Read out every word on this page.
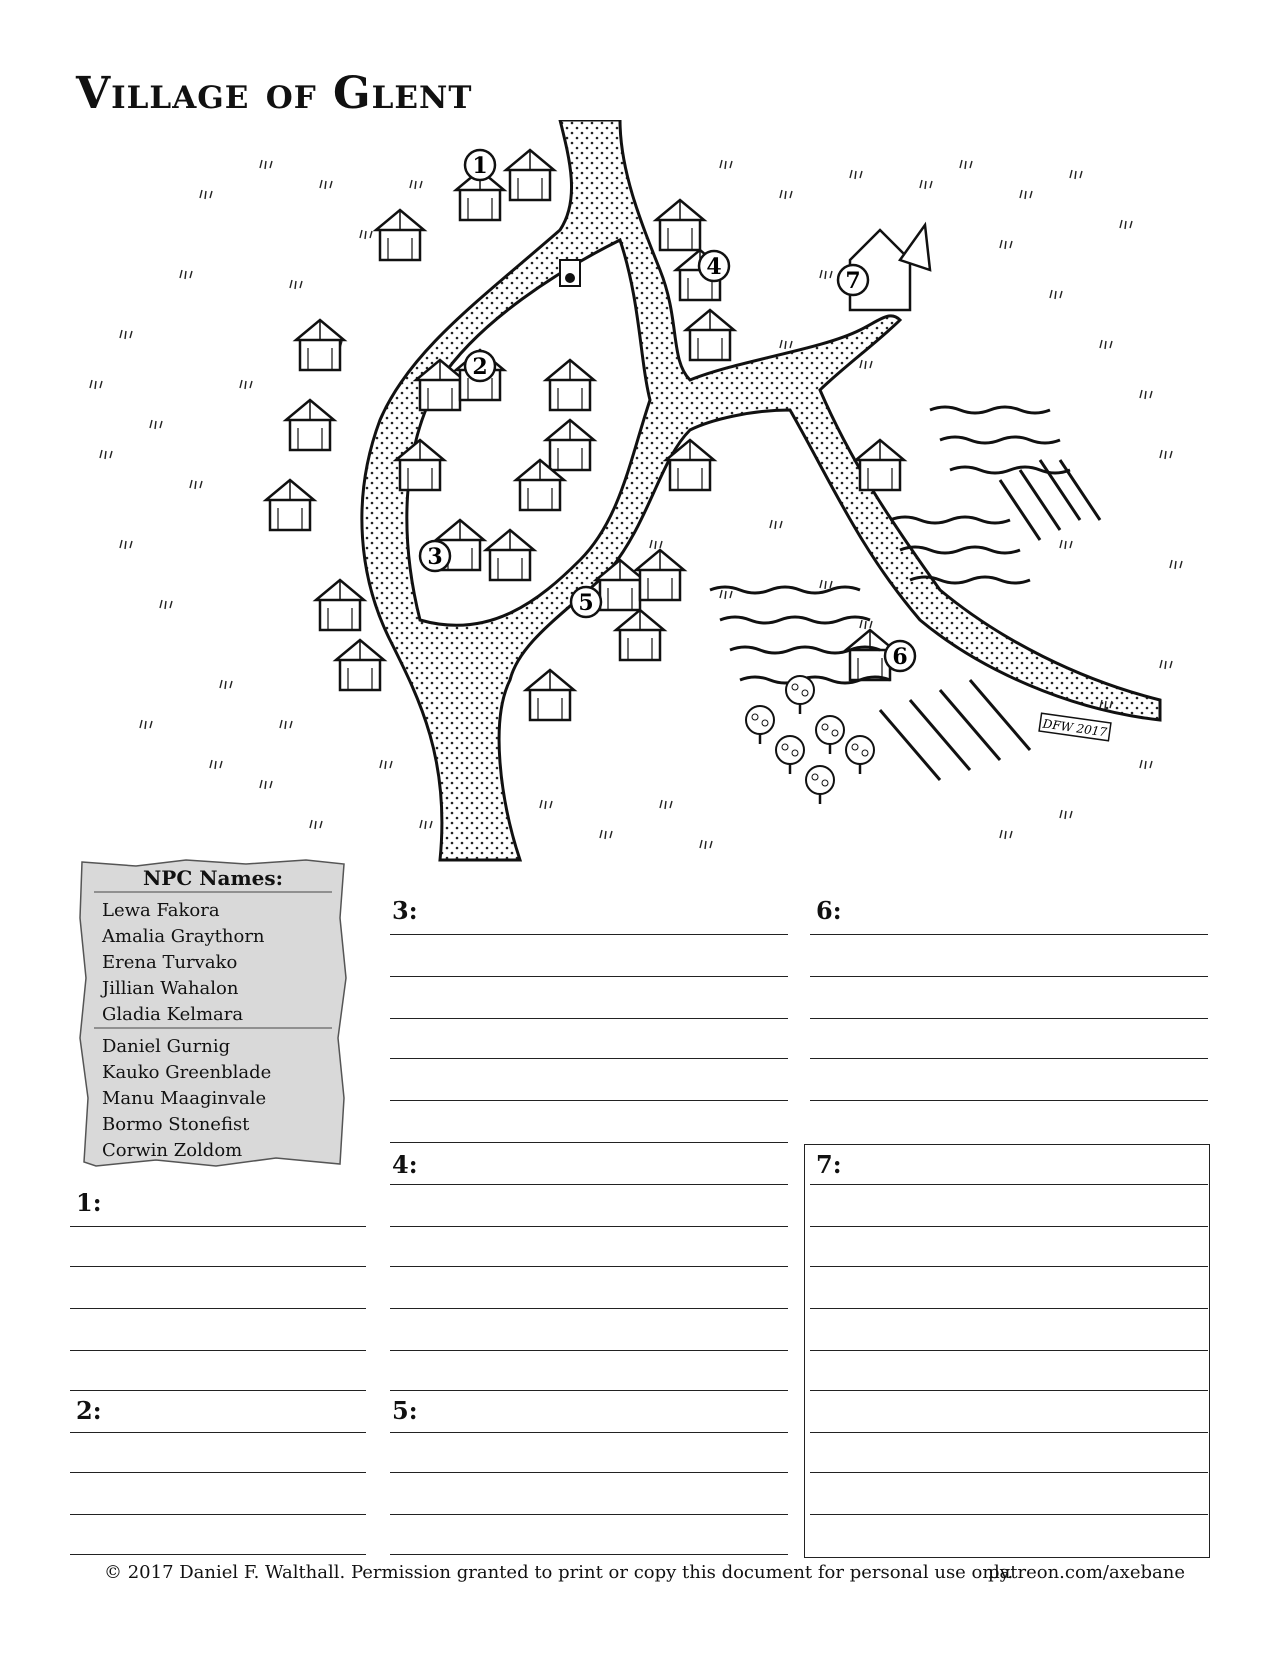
Village of Glent
1
2
3
4
5
6
7
DFW 2017
NPC Names:
Lewa Fakora
Amalia Graythorn
Erena Turvako
Jillian Wahalon
Gladia Kelmara
Daniel Gurnig
Kauko Greenblade
Manu Maaginvale
Bormo Stonefist
Corwin Zoldom
1:
2:
3:
4:
5:
6:
7:
© 2017 Daniel F. Walthall. Permission granted to print or copy this document for personal use only.
patreon.com/axebane
